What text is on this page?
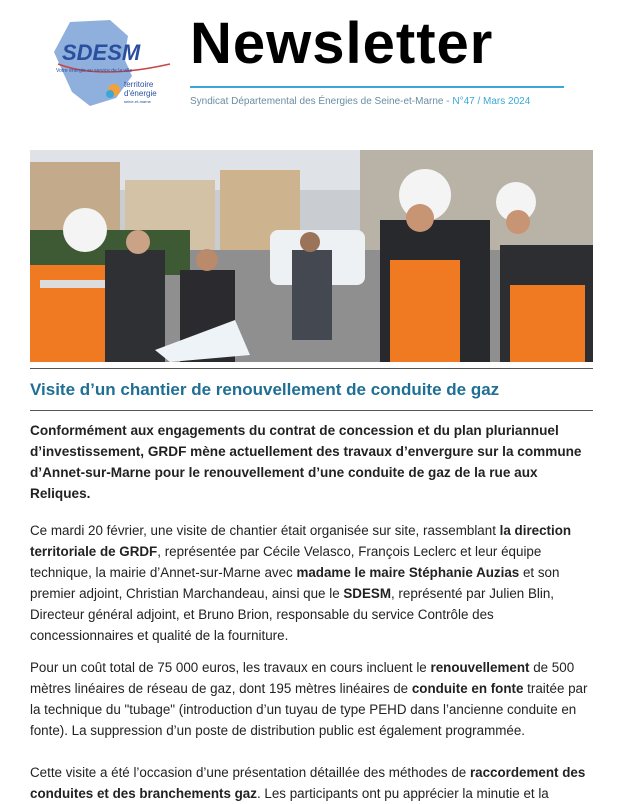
SDESM
Votre énergie au service de la ville
territoire
d'énergie
seine-et-marne
Newsletter
Syndicat Départemental des Énergies de Seine-et-Marne - N°47 / Mars 2024
Visite d’un chantier de renouvellement de conduite de gaz
Conformément aux engagements du contrat de concession et du plan pluriannuel d’investissement, GRDF mène actuellement des travaux d’envergure sur la commune d’Annet-sur-Marne pour le renouvellement d’une conduite de gaz de la rue aux Reliques.
Ce mardi 20 février, une visite de chantier était organisée sur site, rassemblant la direction territoriale de GRDF, représentée par Cécile Velasco, François Leclerc et leur équipe technique, la mairie d’Annet-sur-Marne avec madame le maire Stéphanie Auzias et son premier adjoint, Christian Marchandeau, ainsi que le SDESM, représenté par Julien Blin, Directeur général adjoint, et Bruno Brion, responsable du service Contrôle des concessionnaires et qualité de la fourniture.
Pour un coût total de 75 000 euros, les travaux en cours incluent le renouvellement de 500 mètres linéaires de réseau de gaz, dont 195 mètres linéaires de conduite en fonte traitée par la technique du "tubage" (introduction d’un tuyau de type PEHD dans l’ancienne conduite en fonte). La suppression d’un poste de distribution public est également programmée.
Cette visite a été l’occasion d’une présentation détaillée des méthodes de raccordement des conduites et des branchements gaz. Les participants ont pu apprécier la minutie et la
